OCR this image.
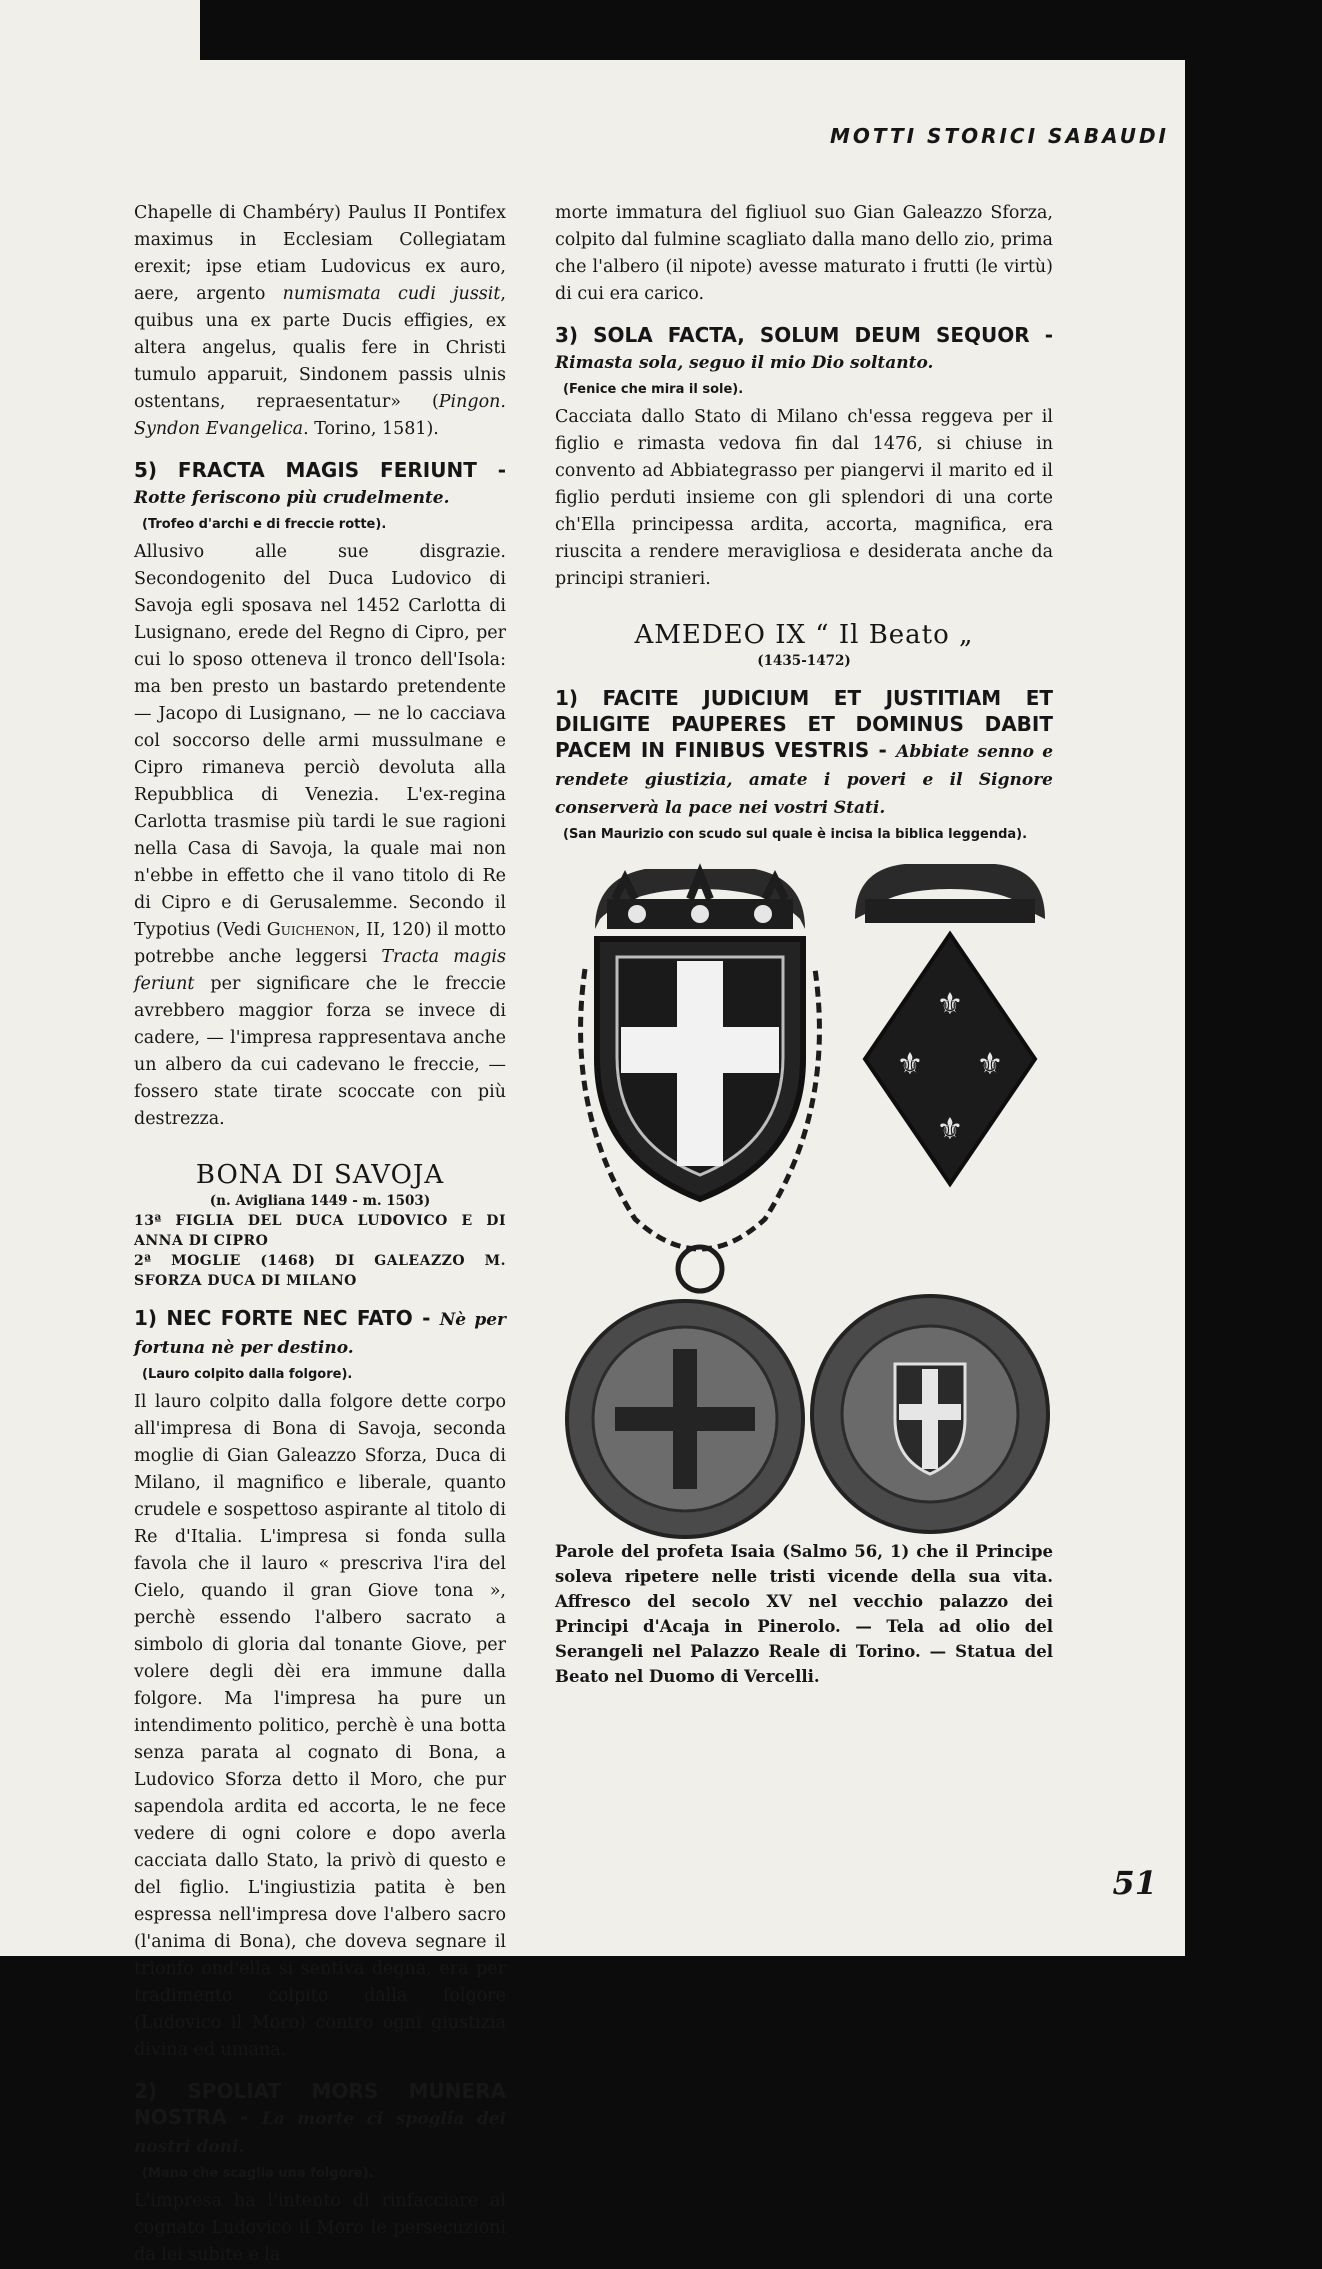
MOTTI STORICI SABAUDI

Chapelle di Chambéry) Paulus II Pontifex maximus in Ecclesiam Collegiatam erexit; ipse etiam Ludovicus ex auro, aere, argento numismata cudi jussit, quibus una ex parte Ducis effigies, ex altera angelus, qualis fere in Christi tumulo apparuit, Sindonem passis ulnis ostentans, repraesentatur» (Pingon. Syndon Evangelica. Torino, 1581).

5) FRACTA MAGIS FERIUNT - Rotte feriscono più crudelmente.

(Trofeo d'archi e di freccie rotte).

Allusivo alle sue disgrazie. Secondogenito del Duca Ludovico di Savoja egli sposava nel 1452 Carlotta di Lusignano, erede del Regno di Cipro, per cui lo sposo otteneva il tronco dell'Isola: ma ben presto un bastardo pretendente — Jacopo di Lusignano, — ne lo cacciava col soccorso delle armi mussulmane e Cipro rimaneva perciò devoluta alla Repubblica di Venezia. L'ex-regina Carlotta trasmise più tardi le sue ragioni nella Casa di Savoja, la quale mai non n'ebbe in effetto che il vano titolo di Re di Cipro e di Gerusalemme. Secondo il Typotius (Vedi Guichenon, II, 120) il motto potrebbe anche leggersi Tracta magis feriunt per significare che le freccie avrebbero maggior forza se invece di cadere, — l'impresa rappresentava anche un albero da cui cadevano le freccie, — fossero state tirate scoccate con più destrezza.

BONA DI SAVOJA
(n. Avigliana 1449 - m. 1503)
13ª FIGLIA DEL DUCA LUDOVICO E DI ANNA DI CIPRO
2ª MOGLIE (1468) DI GALEAZZO M. SFORZA DUCA DI MILANO
1) NEC FORTE NEC FATO - Nè per fortuna nè per destino.

(Lauro colpito dalla folgore).

Il lauro colpito dalla folgore dette corpo all'impresa di Bona di Savoja, seconda moglie di Gian Galeazzo Sforza, Duca di Milano, il magnifico e liberale, quanto crudele e sospettoso aspirante al titolo di Re d'Italia. L'impresa si fonda sulla favola che il lauro « prescriva l'ira del Cielo, quando il gran Giove tona », perchè essendo l'albero sacrato a simbolo di gloria dal tonante Giove, per volere degli dèi era immune dalla folgore. Ma l'impresa ha pure un intendimento politico, perchè è una botta senza parata al cognato di Bona, a Ludovico Sforza detto il Moro, che pur sapendola ardita ed accorta, le ne fece vedere di ogni colore e dopo averla cacciata dallo Stato, la privò di questo e del figlio. L'ingiustizia patita è ben espressa nell'impresa dove l'albero sacro (l'anima di Bona), che doveva segnare il trionfo ond'ella si sentiva degna, era per tradimento colpito dalla folgore (Ludovico il Moro) contro ogni giustizia divina ed umana.

2) SPOLIAT MORS MUNERA NOSTRA - La morte ci spoglia dei nostri doni.

(Mano che scaglia una folgore).

L'impresa ha l'intento di rinfacciare al cognato Ludovico il Moro le persecuzioni da lei subite e la

morte immatura del figliuol suo Gian Galeazzo Sforza, colpito dal fulmine scagliato dalla mano dello zio, prima che l'albero (il nipote) avesse maturato i frutti (le virtù) di cui era carico.

3) SOLA FACTA, SOLUM DEUM SEQUOR - Rimasta sola, seguo il mio Dio soltanto.

(Fenice che mira il sole).

Cacciata dallo Stato di Milano ch'essa reggeva per il figlio e rimasta vedova fin dal 1476, si chiuse in convento ad Abbiategrasso per piangervi il marito ed il figlio perduti insieme con gli splendori di una corte ch'Ella principessa ardita, accorta, magnifica, era riuscita a rendere meravigliosa e desiderata anche da principi stranieri.

AMEDEO IX “ Il Beato „
(1435-1472)
1) FACITE JUDICIUM ET JUSTITIAM ET DILIGITE PAUPERES ET DOMINUS DABIT PACEM IN FINIBUS VESTRIS - Abbiate senno e rendete giustizia, amate i poveri e il Signore conserverà la pace nei vostri Stati.

(San Maurizio con scudo sul quale è incisa la biblica leggenda).

⚜
⚜ ⚜
⚜

Parole del profeta Isaia (Salmo 56, 1) che il Principe soleva ripetere nelle tristi vicende della sua vita. Affresco del secolo XV nel vecchio palazzo dei Principi d'Acaja in Pinerolo. — Tela ad olio del Serangeli nel Palazzo Reale di Torino. — Statua del Beato nel Duomo di Vercelli.

51
